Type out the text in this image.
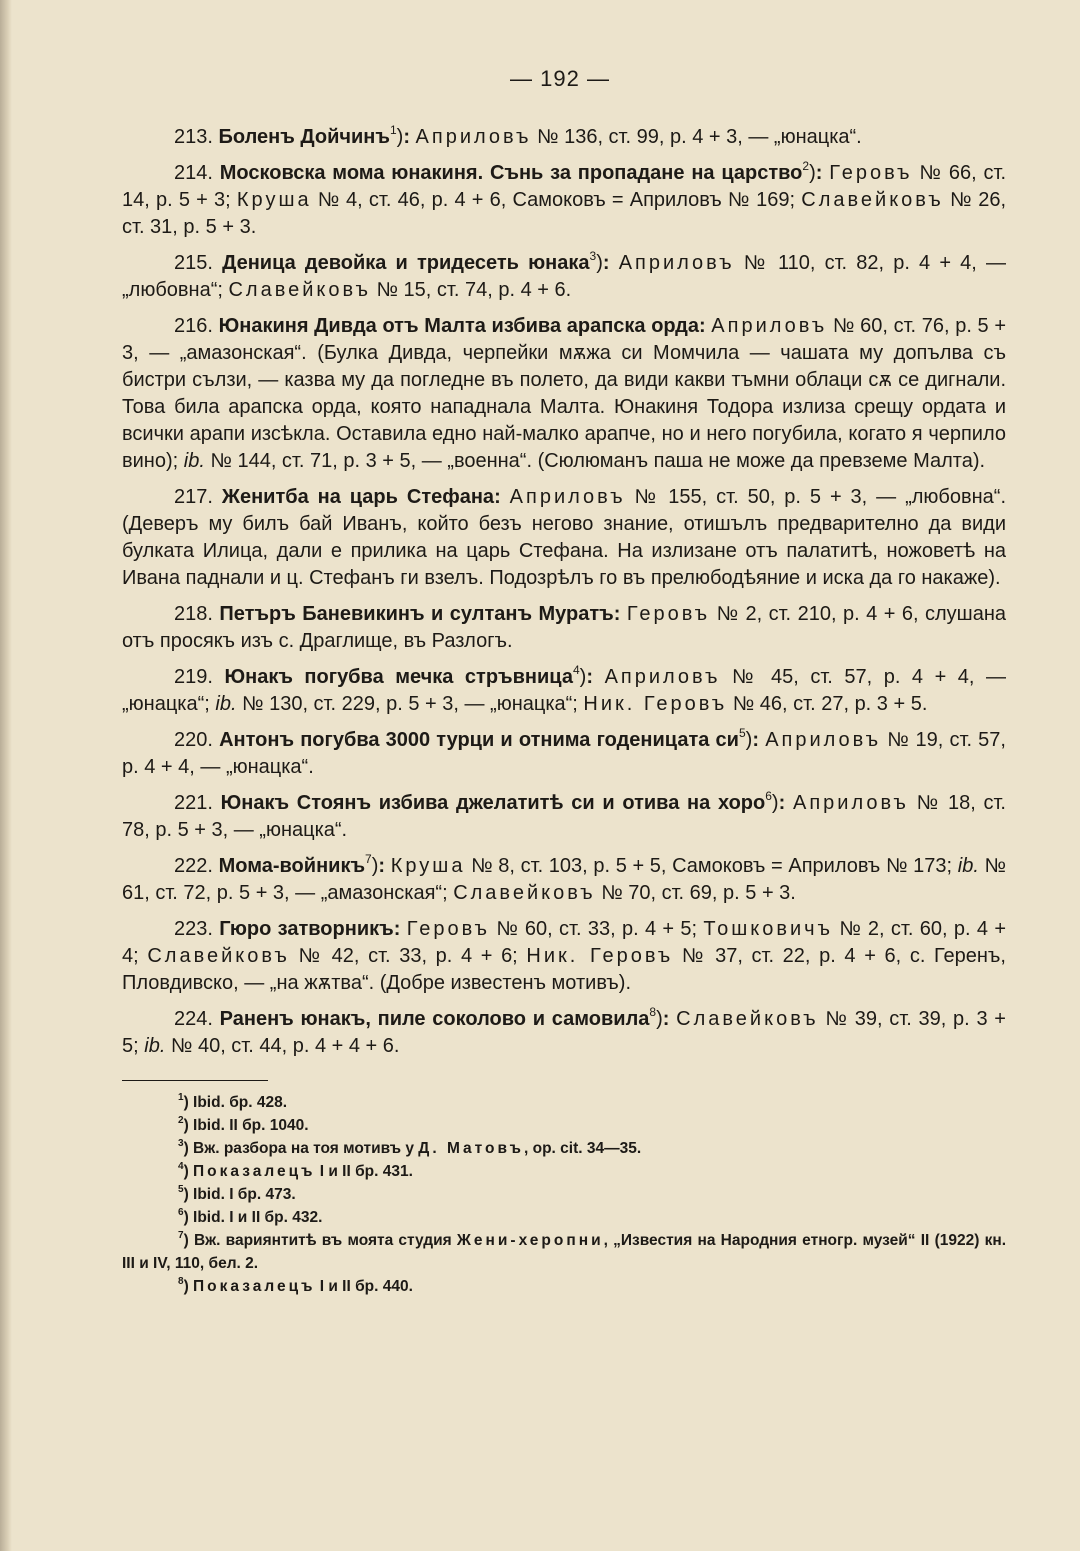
— 192 —

213. Боленъ Дойчинъ$^1$): Априловъ № 136, ст. 99, р. 4 + 3, — „юнацка“.

214. Московска мома юнакиня. Сънь за пропадане на царство$^2$): Геровъ № 66, ст. 14, р. 5 + 3; Круша № 4, ст. 46, р. 4 + 6, Самоковъ = Априловъ № 169; Славейковъ № 26, ст. 31, р. 5 + 3.

215. Деница девойка и тридесеть юнака$^3$): Априловъ № 110, ст. 82, р. 4 + 4, — „любовна“; Славейковъ № 15, ст. 74, р. 4 + 6.

216. Юнакиня Дивда отъ Малта избива арапска орда: Априловъ № 60, ст. 76, р. 5 + 3, — „амазонская“. (Булка Дивда, черпейки мѫжа си Момчила — чашата му допълва съ бистри сълзи, — казва му да погледне въ полето, да види какви тъмни облаци сѫ се дигнали. Това била арапска орда, която нападнала Малта. Юнакиня Тодора излиза срещу ордата и всички арапи изсѣкла. Оставила едно най-малко арапче, но и него погубила, когато я черпило вино); ib. № 144, ст. 71, р. 3 + 5, — „военна“. (Сюлюманъ паша не може да превземе Малта).

217. Женитба на царь Стефана: Априловъ № 155, ст. 50, р. 5 + 3, — „любовна“. (Деверъ му билъ бай Иванъ, който безъ негово знание, отишълъ предварително да види булката Илица, дали е прилика на царь Стефана. На излизане отъ палатитѣ, ножоветѣ на Ивана паднали и ц. Стефанъ ги взелъ. Подозрѣлъ го въ прелюбодѣяние и иска да го накаже).

218. Петъръ Баневикинъ и султанъ Муратъ: Геровъ № 2, ст. 210, р. 4 + 6, слушана отъ просякъ изъ с. Драглище, въ Разлогъ.

219. Юнакъ погубва мечка стръвница$^4$): Априловъ № 45, ст. 57, р. 4 + 4, — „юнацка“; ib. № 130, ст. 229, р. 5 + 3, — „юнацка“; Ник. Геровъ № 46, ст. 27, р. 3 + 5.

220. Антонъ погубва 3000 турци и отнима годеницата $си^5$): Априловъ № 19, ст. 57, р. 4 + 4, — „юнацка“.

221. Юнакъ Стоянъ избива джелатитѣ си и отива на хоро$^6$): Априловъ № 18, ст. 78, р. 5 + 3, — „юнацка“.

222. Мома-войникъ$^7$): Круша № 8, ст. 103, р. 5 + 5, Самоковъ = Априловъ № 173; ib. № 61, ст. 72, р. 5 + 3, — „амазонская“; Славейковъ № 70, ст. 69, р. 5 + 3.

223. Гюро затворникъ: Геровъ № 60, ст. 33, р. 4 + 5; Тошковичъ № 2, ст. 60, р. 4 + 4; Славейковъ № 42, ст. 33, р. 4 + 6; Ник. Геровъ № 37, ст. 22, р. 4 + 6, с. Геренъ, Пловдивско, — „на жѫтва“. (Добре известенъ мотивъ).

224. Раненъ юнакъ, пиле соколово и самовила$^8$): Славейковъ № 39, ст. 39, р. 3 + 5; ib. № 40, ст. 44, р. 4 + 4 + 6.

$^1$) Ibid. бр. 428.

$^2$) Ibid. II бр. 1040.

$^3$) Вж. разбора на тоя мотивъ у Д. Матовъ, op. cit. 34—35.

$^4$) Показалецъ I и II бр. 431.

$^5$) Ibid. I бр. 473.

$^6$) Ibid. I и II бр. 432.

$^7$) Вж. вариянтитѣ въ моята студия Жени-херопни, „Известия на Народния етногр. музей“ II (1922) кн. III и IV, 110, бел. 2.

$^8$) Показалецъ I и II бр. 440.
